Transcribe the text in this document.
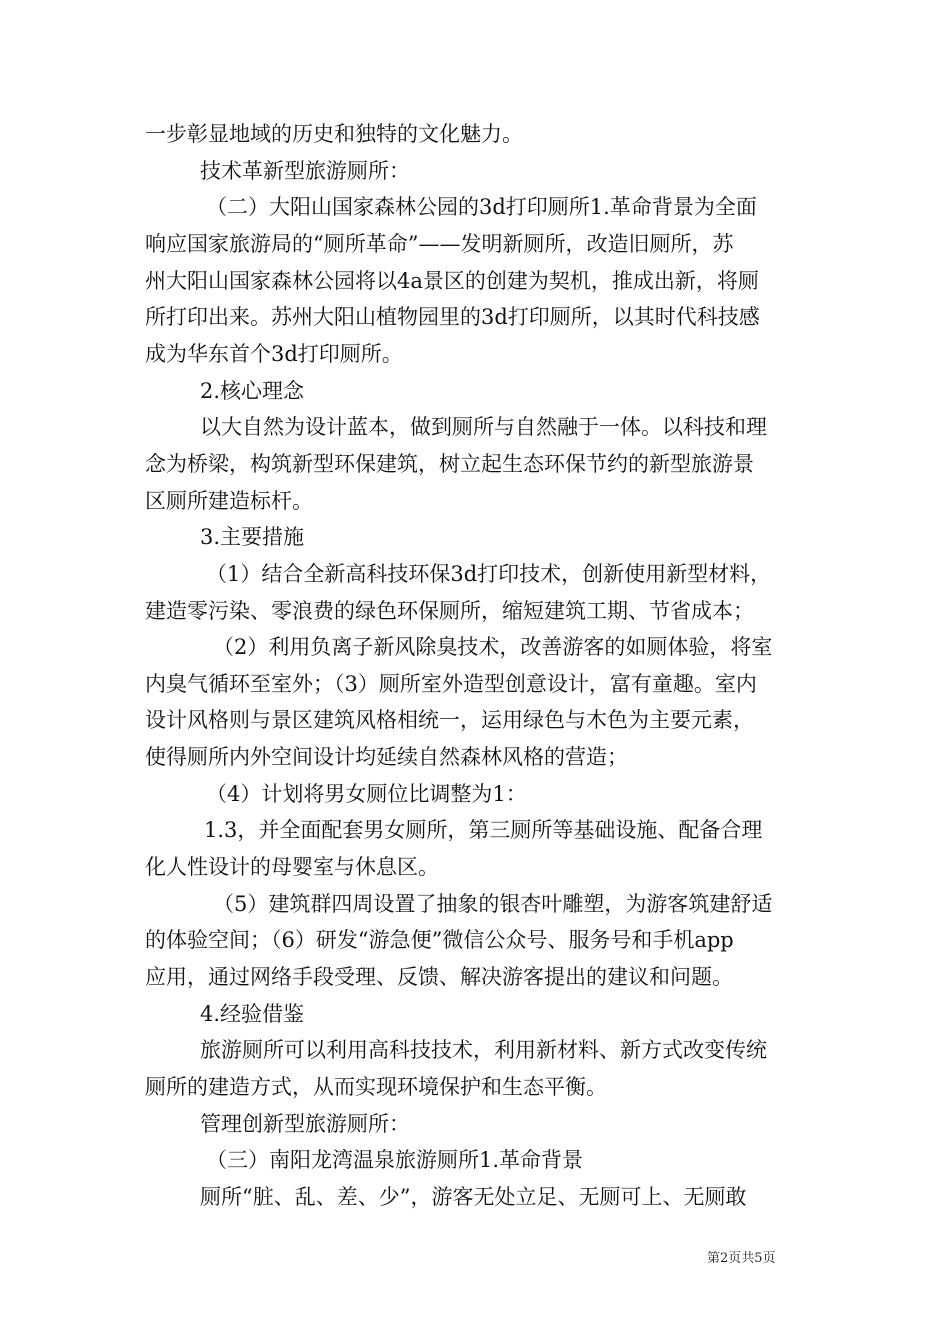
一步彰显地域的历史和独特的文化魅力。
技术革新型旅游厕所：
（二）大阳山国家森林公园的3d打印厕所1.革命背景为全面
响应国家旅游局的“厕所革命”——发明新厕所，改造旧厕所，苏
州大阳山国家森林公园将以4a景区的创建为契机，推成出新，将厕
所打印出来。苏州大阳山植物园里的3d打印厕所，以其时代科技感
成为华东首个3d打印厕所。
2.核心理念
以大自然为设计蓝本，做到厕所与自然融于一体。以科技和理
念为桥梁，构筑新型环保建筑，树立起生态环保节约的新型旅游景
区厕所建造标杆。
3.主要措施
（1）结合全新高科技环保3d打印技术，创新使用新型材料，
建造零污染、零浪费的绿色环保厕所，缩短建筑工期、节省成本；
（2）利用负离子新风除臭技术，改善游客的如厕体验，将室
内臭气循环至室外；（3）厕所室外造型创意设计，富有童趣。室内
设计风格则与景区建筑风格相统一，运用绿色与木色为主要元素，
使得厕所内外空间设计均延续自然森林风格的营造；
（4）计划将男女厕位比调整为1：
1.3，并全面配套男女厕所，第三厕所等基础设施、配备合理
化人性设计的母婴室与休息区。
（5）建筑群四周设置了抽象的银杏叶雕塑，为游客筑建舒适
的体验空间；（6）研发“游急便”微信公众号、服务号和手机app
应用，通过网络手段受理、反馈、解决游客提出的建议和问题。
4.经验借鉴
旅游厕所可以利用高科技技术，利用新材料、新方式改变传统
厕所的建造方式，从而实现环境保护和生态平衡。
管理创新型旅游厕所：
（三）南阳龙湾温泉旅游厕所1.革命背景
厕所“脏、乱、差、少”，游客无处立足、无厕可上、无厕敢
第2页共5页
